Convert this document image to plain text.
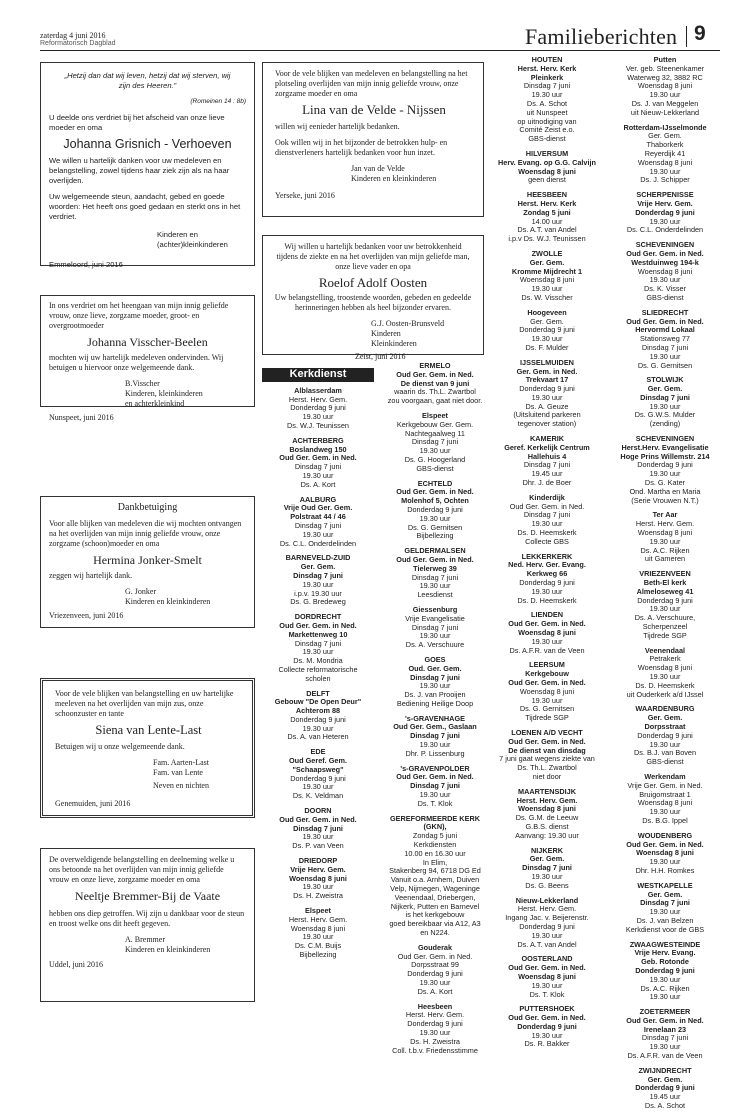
zaterdag 4 juni 2016
Reformatorisch Dagblad	Familieberichten 9
„Hetzij dan dat wij leven, hetzij dat wij sterven, wij zijn des Heeren.”
(Romeinen 14 : 8b)
U deelde ons verdriet bij het afscheid van onze lieve moeder en oma
Johanna Grisnich - Verhoeven
We willen u hartelijk danken voor uw medeleven en belangstelling, zowel tijdens haar ziek zijn als na haar overlijden.
Uw welgemeende steun, aandacht, gebed en goede woorden: Het heeft ons goed gedaan en sterkt ons in het verdriet.
Kinderen en
(achter)kleinkinderen
Emmeloord, juni 2016
Voor de vele blijken van medeleven en belangstelling na het plotseling overlijden van mijn innig geliefde vrouw, onze zorgzame moeder en oma
Lina van de Velde - Nijssen
willen wij eenieder hartelijk bedanken.
Ook willen wij in het bijzonder de betrokken hulp- en dienstverleners hartelijk bedanken voor hun inzet.
Jan van de Velde
Kinderen en kleinkinderen
Yerseke, juni 2016
Wij willen u hartelijk bedanken voor uw betrokkenheid tijdens de ziekte en na het overlijden van mijn geliefde man, onze lieve vader en opa
Roelof Adolf Oosten
Uw belangstelling, troostende woorden, gebeden en gedeelde herinneringen hebben als heel bijzonder ervaren.
G.J. Oosten-Brunsveld
Kinderen
Kleinkinderen
Zeist, juni 2016
In ons verdriet om het heengaan van mijn innig geliefde vrouw, onze lieve, zorgzame moeder, groot- en overgrootmoeder
Johanna Visscher-Beelen
mochten wij uw hartelijk medeleven ondervinden. Wij betuigen u hiervoor onze welgemeende dank.
B.Visscher
Kinderen, kleinkinderen
en achterkleinkind
Nunspeet, juni 2016
Dankbetuiging
Voor alle blijken van medeleven die wij mochten ontvangen na het overlijden van mijn innig geliefde vrouw, onze zorgzame (schoon)moeder en oma
Hermina Jonker-Smelt
zeggen wij hartelijk dank.
G. Jonker
Kinderen en kleinkinderen
Vriezenveen, juni 2016
Voor de vele blijken van belangstelling en uw hartelijke meeleven na het overlijden van mijn zus, onze schoonzuster en tante
Siena van Lente-Last
Betuigen wij u onze welgemeende dank.
Fam. Aarten-Last
Fam. van Lente
Neven en nichten
Genemuiden, juni 2016
De overweldigende belangstelling en deelneming welke u ons betoonde na het overlijden van mijn innig geliefde vrouw en onze lieve, zorgzame moeder en oma
Neeltje Bremmer-Bij de Vaate
hebben ons diep getroffen. Wij zijn u dankbaar voor de steun en troost welke ons dit heeft gegeven.
A. Bremmer
Kinderen en kleinkinderen
Uddel, juni 2016
Kerkdienst
Alblasserdam
Herst. Herv. Gem.
Donderdag 9 juni
19.30 uur
Ds. W.J. Teunissen
ACHTERBERG
Boslandweg 150
Oud Ger. Gem. in Ned.
Dinsdag 7 juni
19.30 uur
Ds. A. Kort
AALBURG
Vrije Oud Ger. Gem.
Polstraat 44 / 46
Dinsdag 7 juni
19.30 uur
Ds. C.L. Onderdelinden
BARNEVELD-ZUID
Ger. Gem.
Dinsdag 7 juni
19.30 uur
i.p.v. 19.30 uur
Ds. G. Bredeweg
DORDRECHT
Oud Ger. Gem. in Ned.
Markettenweg 10
Dinsdag 7 juni
19.30 uur
Ds. M. Mondria
Collecte reformatorische
scholen
DELFT
Gebouw "De Open Deur"
Achterom 88
Donderdag 9 juni
19.30 uur
Ds. A. van Heteren
EDE
Oud Geref. Gem.
"Schaapsweg"
Donderdag 9 juni
19.30 uur
Ds. K. Veldman
DOORN
Oud Ger. Gem. in Ned.
Dinsdag 7 juni
19.30 uur
Ds. P. van Veen
DRIEDORP
Vrije Herv. Gem.
Woensdag 8 juni
19.30 uur
Ds. H. Zweistra
Elspeet
Herst. Herv. Gem.
Woensdag 8 juni
19.30 uur
Ds. C.M. Buijs
Bijbellezing
ERMELO
Oud Ger. Gem. in Ned.
De dienst van 9 juni
waarin ds. Th.L. Zwartbol
zou voorgaan, gaat niet door.
Elspeet
Kerkgebouw Ger. Gem.
Nachtegaalweg 11
Dinsdag 7 juni
19.30 uur
Ds. G. Hoogerland
GBS-dienst
ECHTELD
Oud Ger. Gem. in Ned.
Molenhof 5, Ochten
Donderdag 9 juni
19.30 uur
Ds. G. Gernitsen
Bijbellezing
GELDERMALSEN
Oud Ger. Gem. in Ned.
Tielerweg 39
Dinsdag 7 juni
19.30 uur
Leesdienst
Giessenburg
Vrije Evangelisatie
Dinsdag 7 juni
19.30 uur
Ds. A. Verschuure
GOES
Oud. Ger. Gem.
Dinsdag 7 juni
19.30 uur
Ds. J. van Prooijen
Bediening Heilige Doop
's-GRAVENHAGE
Oud Ger. Gem., Gaslaan
Dinsdag 7 juni
19.30 uur
Dhr. P. Lissenburg
's-GRAVENPOLDER
Oud Ger. Gem. in Ned.
Dinsdag 7 juni
19.30 uur
Ds. T. Klok
GEREFORMEERDE KERK
(GKN),
Zondag 5 juni
Kerkdiensten
10.00 en 16.30 uur
In Elim,
Stakenberg 94, 6718 DG Ed
Vanuit o.a. Arnhem, Duiven
Velp, Nijmegen, Wageninge
Veenendaal, Driebergen,
Nijkerk, Putten en Barnevel
is het kerkgebouw
goed bereikbaar via A12, A3
en N224.
Gouderak
Oud Ger. Gem. in Ned.
Dorpsstraat 99
Donderdag 9 juni
19.30 uur
Ds. A. Kort
Heesbeen
Herst. Herv. Gem.
Donderdag 9 juni
19.30 uur
Ds. H. Zweistra
Coll. t.b.v. Friedensstimme
HOUTEN
Herst. Herv. Kerk
Pleinkerk
Dinsdag 7 juni
19.30 uur
Ds. A. Schot
uit Nunspeet
op uitnodiging van
Comité Zeist e.o.
GBS-dienst
HILVERSUM
Herv. Evang. op G.G. Calvijn
Woensdag 8 juni
geen dienst
HEESBEEN
Herst. Herv. Kerk
Zondag 5 juni
14.00 uur
Ds. A.T. van Andel
i.p.v Ds. W.J. Teunissen
ZWOLLE
Ger. Gem.
Kromme Mijdrecht 1
Woensdag 8 juni
19.30 uur
Ds. W. Visscher
Hoogeveen
Ger. Gem.
Donderdag 9 juni
19.30 uur
Ds. F. Mulder
IJSSELMUIDEN
Ger. Gem. in Ned.
Trekvaart 17
Donderdag 9 juni
19.30 uur
Ds. A. Geuze
(Uitsluitend parkeren
tegenover station)
KAMERIK
Geref. Kerkelijk Centrum
Hallehuis 4
Dinsdag 7 juni
19.45 uur
Dhr. J. de Boer
Kinderdijk
Oud Ger. Gem. in Ned.
Dinsdag 7 juni
19.30 uur
Ds. D. Heemskerk
Collecte GBS
LEKKERKERK
Ned. Herv. Ger. Evang.
Kerkweg 66
Donderdag 9 juni
19.30 uur
Ds. D. Heemskerk
LIENDEN
Oud Ger. Gem. in Ned.
Woensdag 8 juni
19.30 uur
Ds. A.F.R. van de Veen
LEERSUM
Kerkgebouw
Oud Ger. Gem. in Ned.
Woensdag 8 juni
19.30 uur
Ds. G. Gernitsen
Tijdrede SGP
LOENEN A/D VECHT
Oud Ger. Gem. in Ned.
De dienst van dinsdag
7 juni gaat wegens ziekte van
Ds. Th.L. Zwartbol
niet door
MAARTENSDIJK
Herst. Herv. Gem.
Woensdag 8 juni
Ds. G.M. de Leeuw
G.B.S. dienst
Aanvang: 19.30 uur
NIJKERK
Ger. Gem.
Dinsdag 7 juni
19.30 uur
Ds. G. Beens
Nieuw-Lekkerland
Herst. Herv. Gem.
Ingang Jac. v. Beijerenstr.
Donderdag 9 juni
19.30 uur
Ds. A.T. van Andel
OOSTERLAND
Oud Ger. Gem. in Ned.
Woensdag 8 juni
19.30 uur
Ds. T. Klok
PUTTERSHOEK
Oud Ger. Gem. in Ned.
Donderdag 9 juni
19.30 uur
Ds. R. Bakker
Putten
Ver. geb. Steenenkamer
Waterweg 32, 3882 RC
Woensdag 8 juni
19.30 uur
Ds. J. van Meggelen
uit Nieuw-Lekkerland
Rotterdam-IJsselmonde
Ger. Gem.
Thaborkerk
Reyerdijk 41
Woensdag 8 juni
19.30 uur
Ds. J. Schipper
SCHERPENISSE
Vrije Herv. Gem.
Donderdag 9 juni
19.30 uur
Ds. C.L. Onderdelinden
SCHEVENINGEN
Oud Ger. Gem. in Ned.
Westduinweg 194-k
Woensdag 8 juni
19.30 uur
Ds. K. Visser
GBS-dienst
SLIEDRECHT
Oud Ger. Gem. in Ned.
Hervormd Lokaal
Stationsweg 77
Dinsdag 7 juni
19.30 uur
Ds. G. Gernitsen
STOLWIJK
Ger. Gem.
Dinsdag 7 juni
19.30 uur
Ds. G.W.S. Mulder
(zending)
SCHEVENINGEN
Herst.Herv. Evangelisatie
Hoge Prins Willemstr. 214
Donderdag 9 juni
19.30 uur
Ds. G. Kater
Ond. Martha en Maria
(Serie Vrouwen N.T.)
Ter Aar
Herst. Herv. Gem.
Woensdag 8 juni
19.30 uur
Ds. A.C. Rijken
uit Gameren
VRIEZENVEEN
Beth-El kerk
Almeloseweg 41
Donderdag 9 juni
19.30 uur
Ds. A. Verschuure,
Scherpenzeel
Tijdrede SGP
Veenendaal
Petrakerk
Woensdag 8 juni
19.30 uur
Ds. D. Heemskerk
uit Ouderkerk a/d IJssel
WAARDENBURG
Ger. Gem.
Dorpsstraat
Donderdag 9 juni
19.30 uur
Ds. B.J. van Boven
GBS-dienst
Werkendam
Vrije Ger. Gem. in Ned.
Bruigomstraat 1
Woensdag 8 juni
19.30 uur
Ds. B.G. Ippel
WOUDENBERG
Oud Ger. Gem. in Ned.
Woensdag 8 juni
19.30 uur
Dhr. H.H. Romkes
WESTKAPELLE
Ger. Gem.
Dinsdag 7 juni
19.30 uur
Ds. J. van Belzen
Kerkdienst voor de GBS
ZWAAGWESTEINDE
Vrije Herv. Evang.
Geb. Rotonde
Donderdag 9 juni
19.30 uur
Ds. A.C. Rijken
19.30 uur
ZOETERMEER
Oud Ger. Gem. in Ned.
Irenelaan 23
Dinsdag 7 juni
19.30 uur
Ds. A.F.R. van de Veen
ZWIJNDRECHT
Ger. Gem.
Donderdag 9 juni
19.45 uur
Ds. A. Schot
